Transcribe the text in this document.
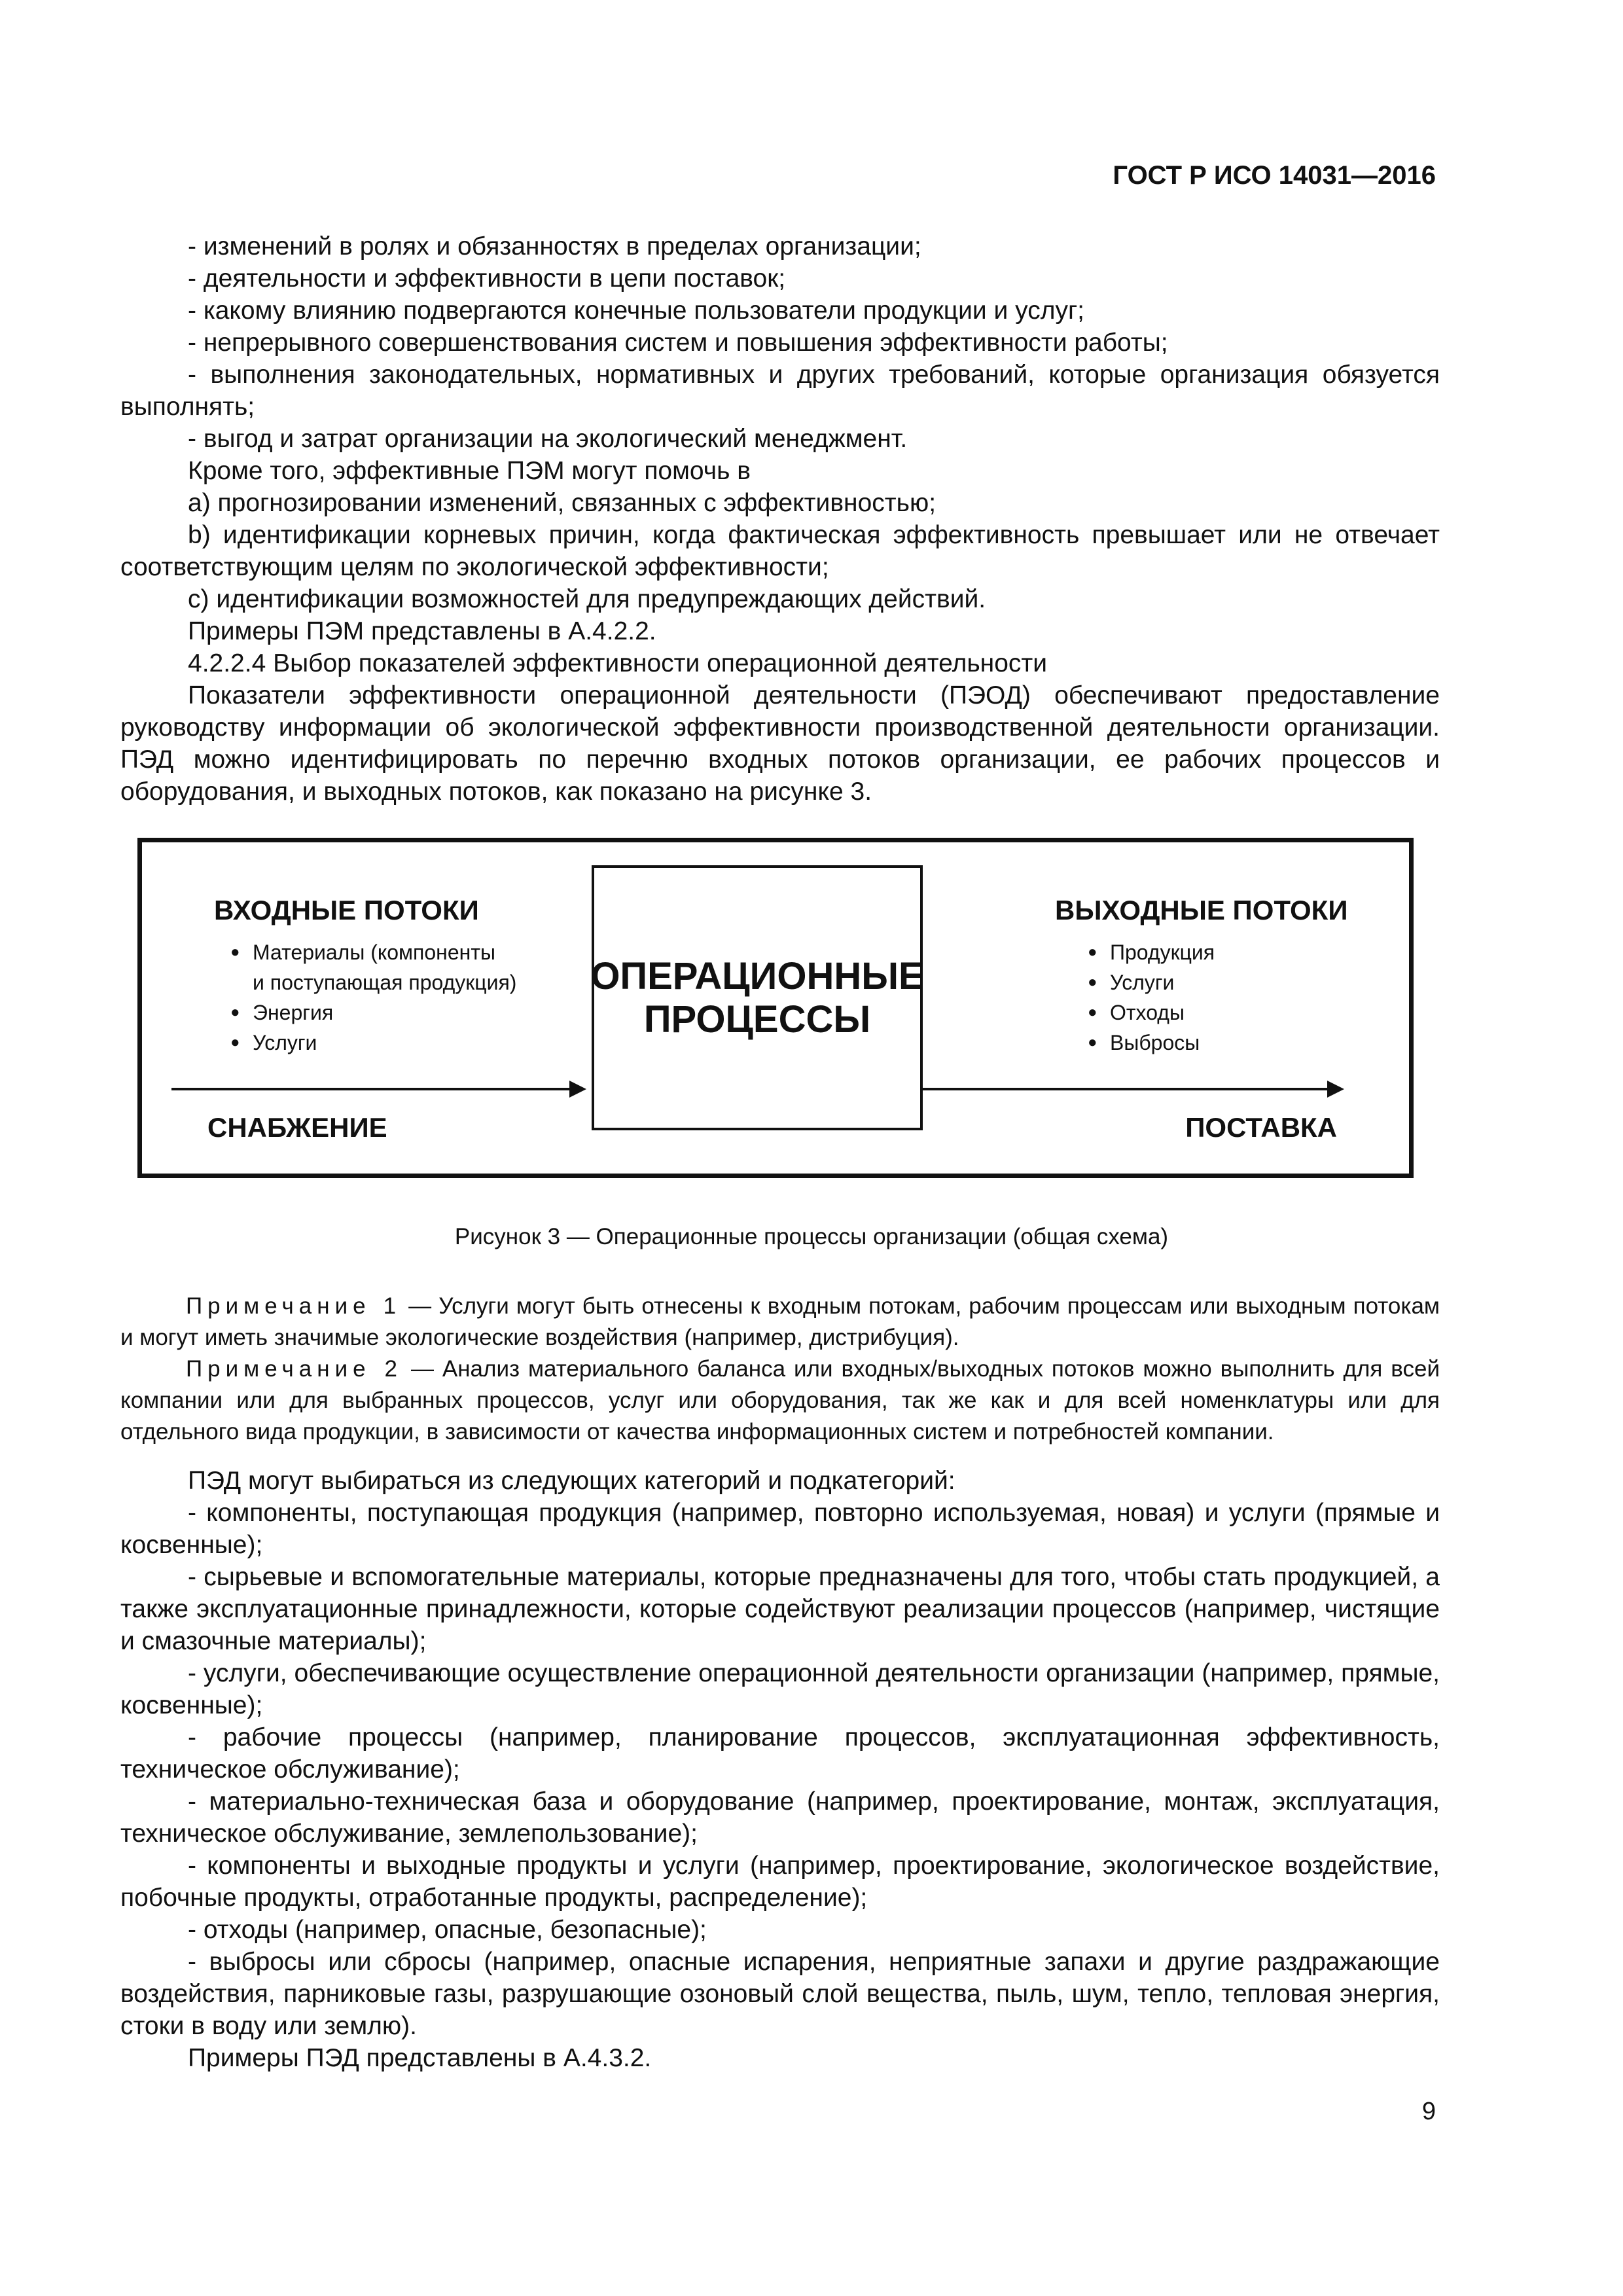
ГОСТ Р ИСО 14031—2016

- изменений в ролях и обязанностях в пределах организации;

- деятельности и эффективности в цепи поставок;

- какому влиянию подвергаются конечные пользователи продукции и услуг;

- непрерывного совершенствования систем и повышения эффективности работы;

- выполнения законодательных, нормативных и других требований, которые организация обязуется выполнять;

- выгод и затрат организации на экологический менеджмент.

Кроме того, эффективные ПЭМ могут помочь в

a) прогнозировании изменений, связанных с эффективностью;

b) идентификации корневых причин, когда фактическая эффективность превышает или не отвечает соответствующим целям по экологической эффективности;

c) идентификации возможностей для предупреждающих действий.

Примеры ПЭМ представлены в А.4.2.2.

4.2.2.4 Выбор показателей эффективности операционной деятельности

Показатели эффективности операционной деятельности (ПЭОД) обеспечивают предоставление руководству информации об экологической эффективности производственной деятельности организации. ПЭД можно идентифицировать по перечню входных потоков организации, ее рабочих процессов и оборудования, и выходных потоков, как показано на рисунке 3.

ВХОДНЫЕ ПОТОКИ
● Материалы (компоненты
и поступающая продукция)
● Энергия
● Услуги
ОПЕРАЦИОННЫЕ
ПРОЦЕССЫ
ВЫХОДНЫЕ ПОТОКИ
● Продукция
● Услуги
● Отходы
● Выбросы
СНАБЖЕНИЕ	ПОСТАВКА
Рисунок 3 — Операционные процессы организации (общая схема)

Примечание 1 — Услуги могут быть отнесены к входным потокам, рабочим процессам или выходным потокам и могут иметь значимые экологические воздействия (например, дистрибуция).

Примечание 2 — Анализ материального баланса или входных/выходных потоков можно выполнить для всей компании или для выбранных процессов, услуг или оборудования, так же как и для всей номенклатуры или для отдельного вида продукции, в зависимости от качества информационных систем и потребностей компании.

ПЭД могут выбираться из следующих категорий и подкатегорий:

- компоненты, поступающая продукция (например, повторно используемая, новая) и услуги (прямые и косвенные);

- сырьевые и вспомогательные материалы, которые предназначены для того, чтобы стать продукцией, а также эксплуатационные принадлежности, которые содействуют реализации процессов (например, чистящие и смазочные материалы);

- услуги, обеспечивающие осуществление операционной деятельности организации (например, прямые, косвенные);

- рабочие процессы (например, планирование процессов, эксплуатационная эффективность, техническое обслуживание);

- материально-техническая база и оборудование (например, проектирование, монтаж, эксплуатация, техническое обслуживание, землепользование);

- компоненты и выходные продукты и услуги (например, проектирование, экологическое воздействие, побочные продукты, отработанные продукты, распределение);

- отходы (например, опасные, безопасные);

- выбросы или сбросы (например, опасные испарения, неприятные запахи и другие раздражающие воздействия, парниковые газы, разрушающие озоновый слой вещества, пыль, шум, тепло, тепловая энергия, стоки в воду или землю).

Примеры ПЭД представлены в А.4.3.2.

9
